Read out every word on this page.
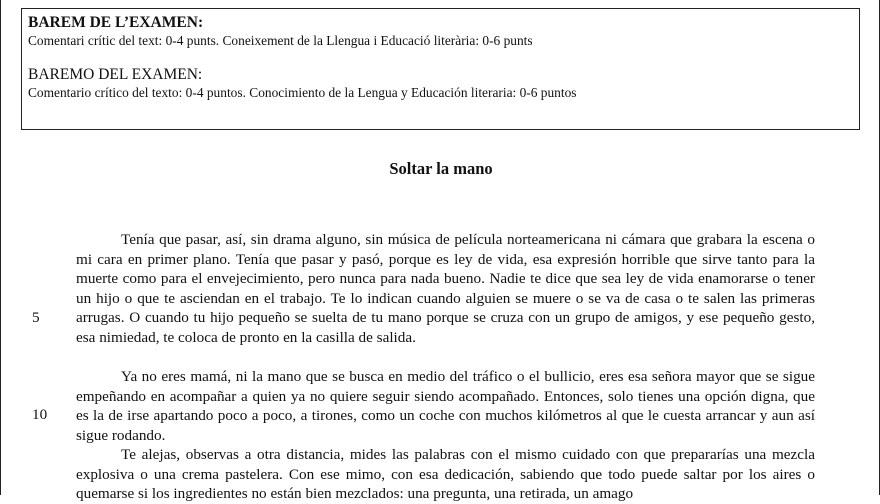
BAREM DE L’EXAMEN:
Comentari crític del text: 0-4 punts. Coneixement de la Llengua i Educació literària: 0-6 punts
BAREMO DEL EXAMEN:
Comentario crítico del texto: 0-4 puntos. Conocimiento de la Lengua y Educación literaria: 0-6 puntos
Soltar la mano
Tenía que pasar, así, sin drama alguno, sin música de película norteamericana ni cámara que grabara la escena o mi cara en primer plano. Tenía que pasar y pasó, porque es ley de vida, esa expresión horrible que sirve tanto para la muerte como para el envejecimiento, pero nunca para nada bueno. Nadie te dice que sea ley de vida enamorarse o tener un hijo o que te asciendan en el trabajo. Te lo indican cuando alguien se muere o se va de casa o te salen las primeras arrugas. O cuando tu hijo pequeño se suelta de tu mano porque se cruza con un grupo de amigos, y ese pequeño gesto, esa nimiedad, te coloca de pronto en la casilla de salida.
Ya no eres mamá, ni la mano que se busca en medio del tráfico o el bullicio, eres esa señora mayor que se sigue empeñando en acompañar a quien ya no quiere seguir siendo acompañado. Entonces, solo tienes una opción digna, que es la de irse apartando poco a poco, a tirones, como un coche con muchos kilómetros al que le cuesta arrancar y aun así sigue rodando.
Te alejas, observas a otra distancia, mides las palabras con el mismo cuidado con que prepararías una mezcla explosiva o una crema pastelera. Con ese mimo, con esa dedicación, sabiendo que todo puede saltar por los aires o quemarse si los ingredientes no están bien mezclados: una pregunta, una retirada, un amago
5
10
